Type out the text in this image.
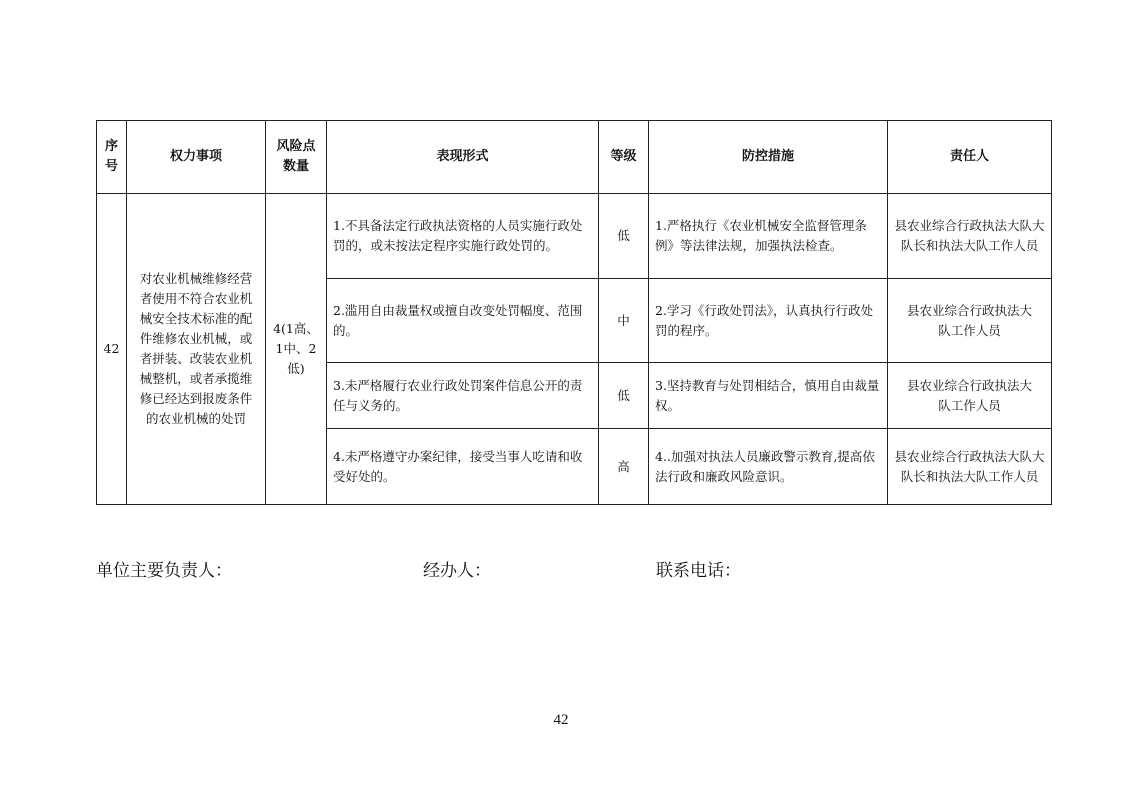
序号	权力事项	风险点数量	表现形式	等级	防控措施	责任人
42	对农业机械维修经营者使用不符合农业机械安全技术标准的配件维修农业机械，或者拼装、改装农业机械整机，或者承揽维修已经达到报废条件的农业机械的处罚	4(1高、1中、2低)	1.不具备法定行政执法资格的人员实施行政处罚的，或未按法定程序实施行政处罚的。	低	1.严格执行《农业机械安全监督管理条例》等法律法规，加强执法检查。	县农业综合行政执法大队大队长和执法大队工作人员
			2.滥用自由裁量权或擅自改变处罚幅度、范围的。	中	2.学习《行政处罚法》，认真执行行政处罚的程序。	县农业综合行政执法大队工作人员
			3.未严格履行农业行政处罚案件信息公开的责任与义务的。	低	3.坚持教育与处罚相结合，慎用自由裁量权。	县农业综合行政执法大队工作人员
			4.未严格遵守办案纪律，接受当事人吃请和收受好处的。	高	4..加强对执法人员廉政警示教育,提高依法行政和廉政风险意识。	县农业综合行政执法大队大队长和执法大队工作人员
单位主要负责人：	经办人：	联系电话：
42
